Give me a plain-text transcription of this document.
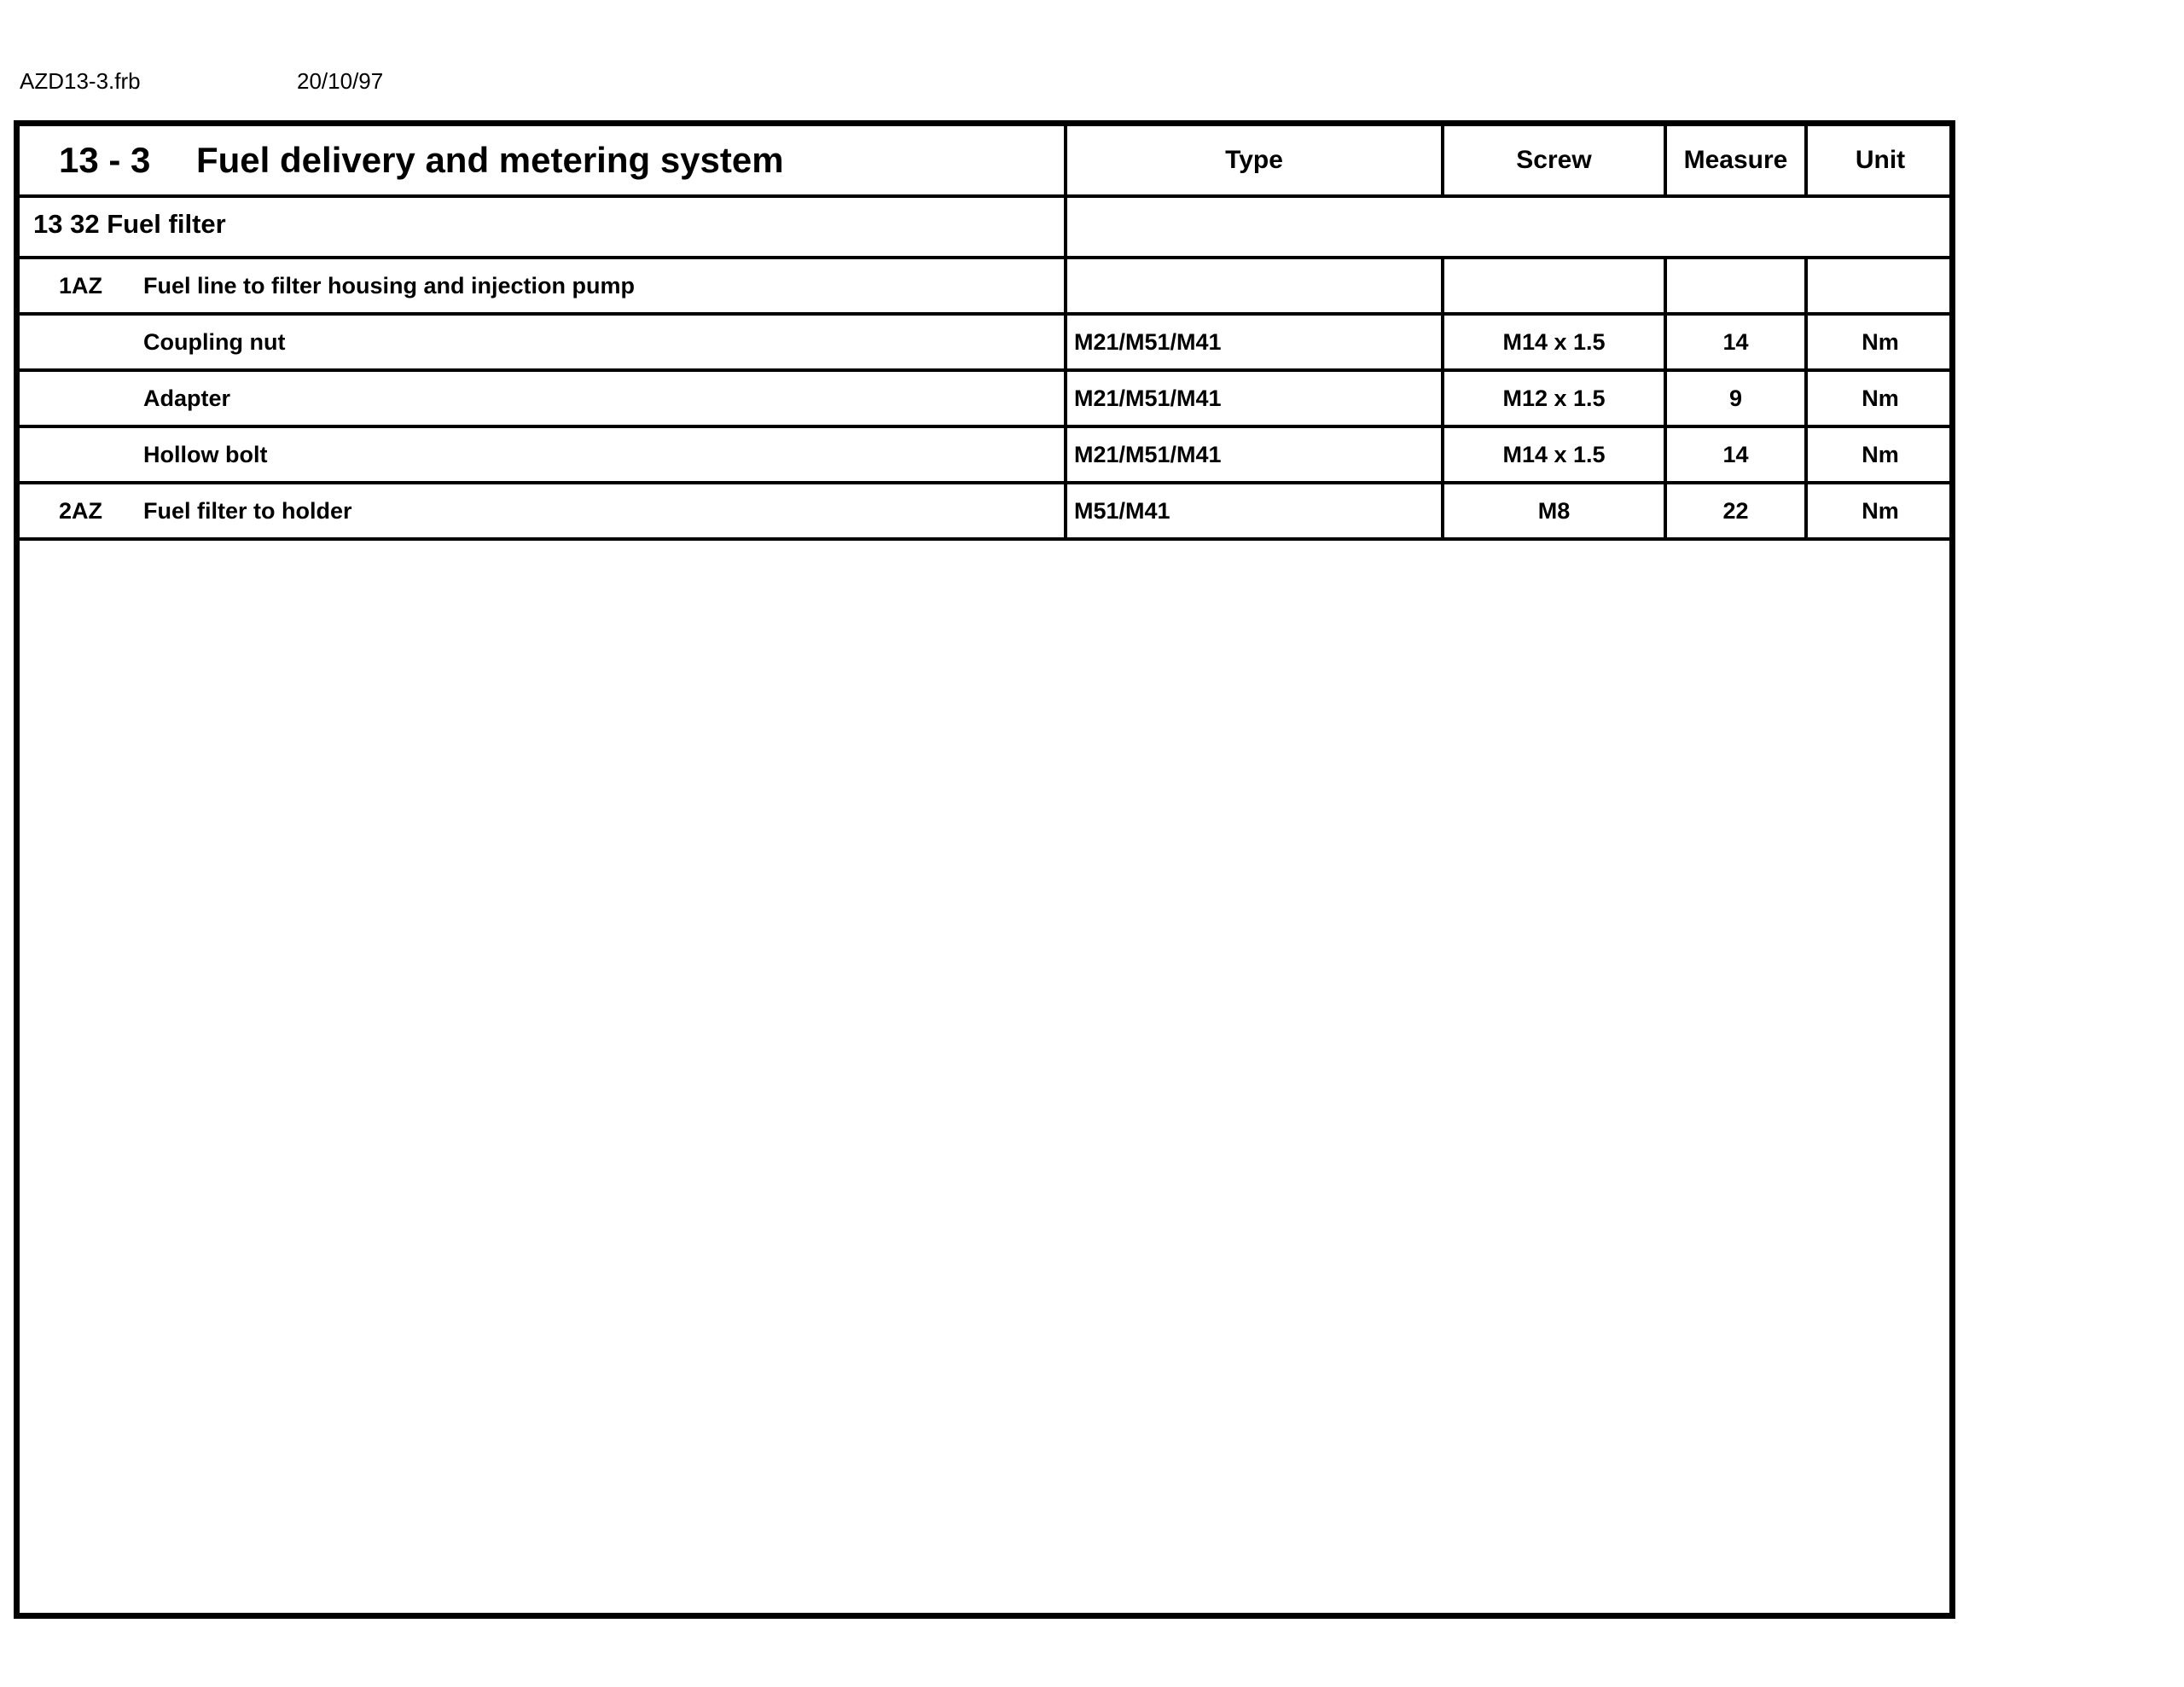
AZD13-3.frb	20/10/97
13 - 3 Fuel delivery and metering system	Type	Screw	Measure	Unit
13 32 Fuel filter
1AZ Fuel line to filter housing and injection pump
Coupling nut	M21/M51/M41	M14 x 1.5	14	Nm
Adapter	M21/M51/M41	M12 x 1.5	9	Nm
Hollow bolt	M21/M51/M41	M14 x 1.5	14	Nm
2AZ Fuel filter to holder	M51/M41	M8	22	Nm
